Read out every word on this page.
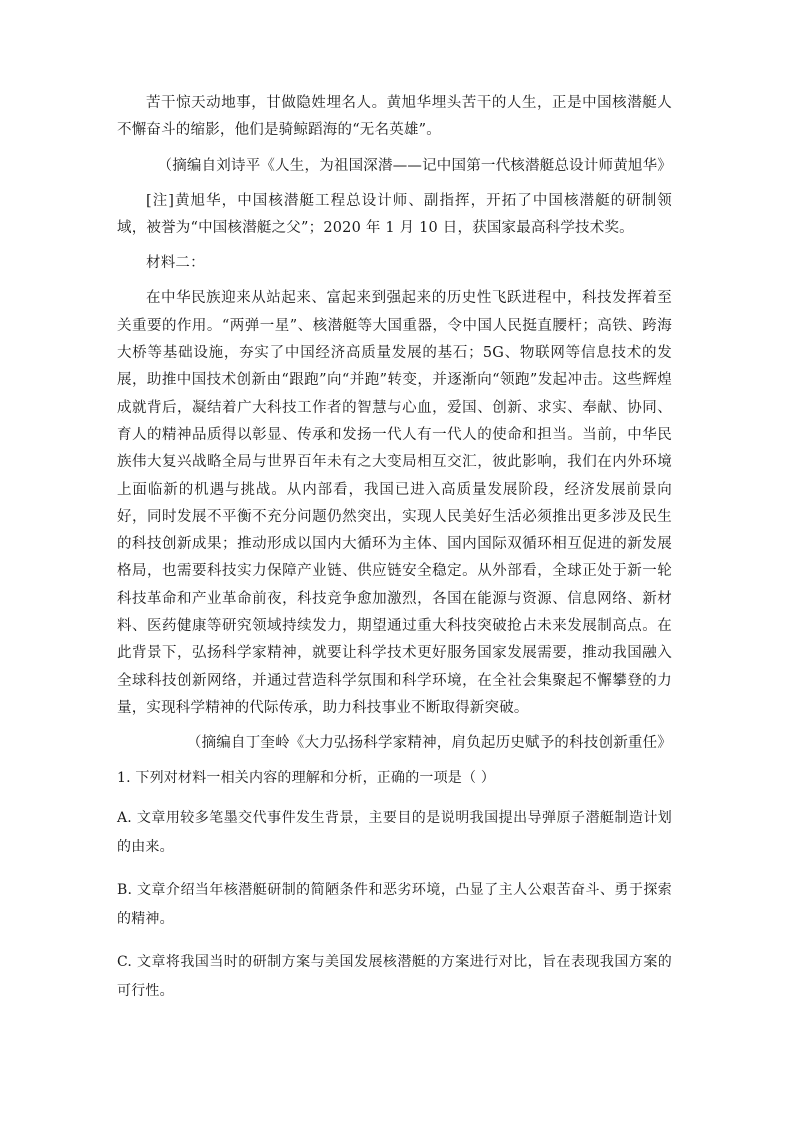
苦干惊天动地事，甘做隐姓埋名人。黄旭华埋头苦干的人生，正是中国核潜艇人不懈奋斗的缩影，他们是骑鲸蹈海的“无名英雄”。

（摘编自刘诗平《人生，为祖国深潜——记中国第一代核潜艇总设计师黄旭华》

[注]黄旭华，中国核潜艇工程总设计师、副指挥，开拓了中国核潜艇的研制领域，被誉为“中国核潜艇之父”；2020 年 1 月 10 日，获国家最高科学技术奖。

材料二：

在中华民族迎来从站起来、富起来到强起来的历史性飞跃进程中，科技发挥着至关重要的作用。“两弹一星”、核潜艇等大国重器，令中国人民挺直腰杆；高铁、跨海大桥等基础设施，夯实了中国经济高质量发展的基石；5G、物联网等信息技术的发展，助推中国技术创新由“跟跑”向“并跑”转变，并逐渐向“领跑”发起冲击。这些辉煌成就背后，凝结着广大科技工作者的智慧与心血，爱国、创新、求实、奉献、协同、育人的精神品质得以彰显、传承和发扬一代人有一代人的使命和担当。当前，中华民族伟大复兴战略全局与世界百年未有之大变局相互交汇，彼此影响，我们在内外环境上面临新的机遇与挑战。从内部看，我国已进入高质量发展阶段，经济发展前景向好，同时发展不平衡不充分问题仍然突出，实现人民美好生活必须推出更多涉及民生的科技创新成果；推动形成以国内大循环为主体、国内国际双循环相互促进的新发展格局，也需要科技实力保障产业链、供应链安全稳定。从外部看，全球正处于新一轮科技革命和产业革命前夜，科技竞争愈加激烈，各国在能源与资源、信息网络、新材料、医药健康等研究领域持续发力，期望通过重大科技突破抢占未来发展制高点。在此背景下，弘扬科学家精神，就要让科学技术更好服务国家发展需要，推动我国融入全球科技创新网络，并通过营造科学氛围和科学环境，在全社会集聚起不懈攀登的力量，实现科学精神的代际传承，助力科技事业不断取得新突破。

（摘编自丁奎岭《大力弘扬科学家精神，肩负起历史赋予的科技创新重任》

1. 下列对材料一相关内容的理解和分析，正确的一项是（ ）

A. 文章用较多笔墨交代事件发生背景，主要目的是说明我国提出导弹原子潜艇制造计划的由来。

B. 文章介绍当年核潜艇研制的简陋条件和恶劣环境，凸显了主人公艰苦奋斗、勇于探索的精神。

C. 文章将我国当时的研制方案与美国发展核潜艇的方案进行对比，旨在表现我国方案的可行性。
